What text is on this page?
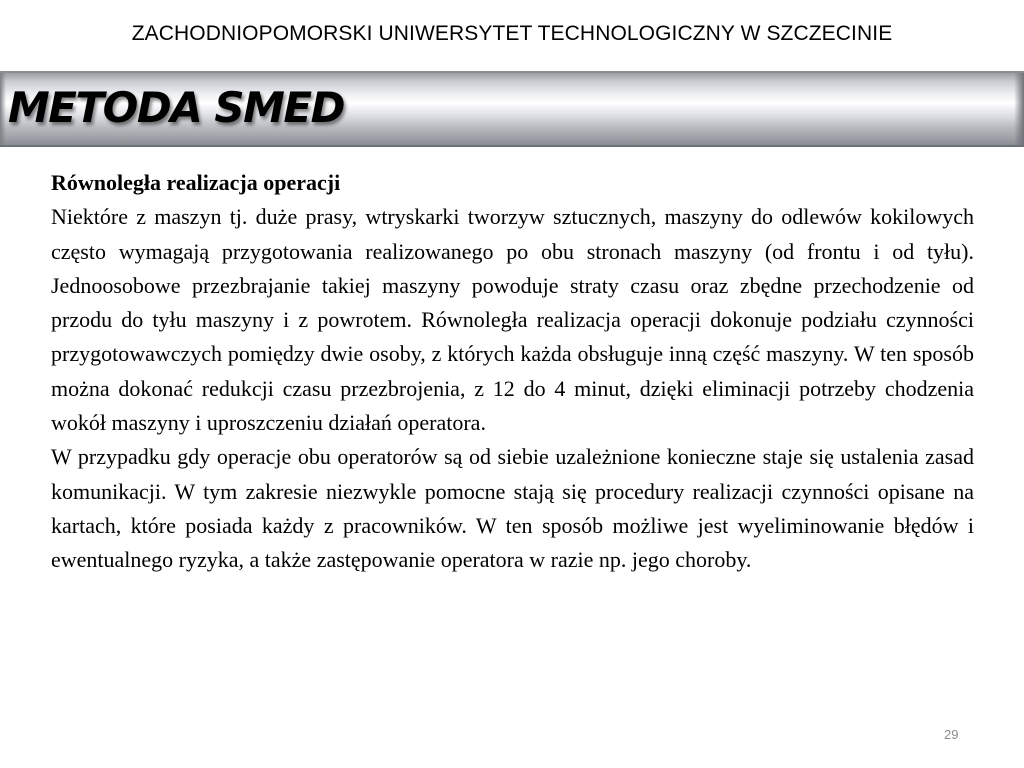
ZACHODNIOPOMORSKI UNIWERSYTET TECHNOLOGICZNY W SZCZECINIE
METODA SMED

Równoległa realizacja operacji

Niektóre z maszyn tj. duże prasy, wtryskarki tworzyw sztucznych, maszyny do odlewów kokilowych często wymagają przygotowania realizowanego po obu stronach maszyny (od frontu i od tyłu). Jednoosobowe przezbrajanie takiej maszyny powoduje straty czasu oraz zbędne przechodzenie od przodu do tyłu maszyny i z powrotem. Równoległa realizacja operacji dokonuje podziału czynności przygotowawczych pomiędzy dwie osoby, z których każda obsługuje inną część maszyny. W ten sposób można dokonać redukcji czasu przezbrojenia, z 12 do 4 minut, dzięki eliminacji potrzeby chodzenia wokół maszyny i uproszczeniu działań operatora.

W przypadku gdy operacje obu operatorów są od siebie uzależnione konieczne staje się ustalenia zasad komunikacji. W tym zakresie niezwykle pomocne stają się procedury realizacji czynności opisane na kartach, które posiada każdy z pracowników. W ten sposób możliwe jest wyeliminowanie błędów i ewentualnego ryzyka, a także zastępowanie operatora w razie np. jego choroby.

29
